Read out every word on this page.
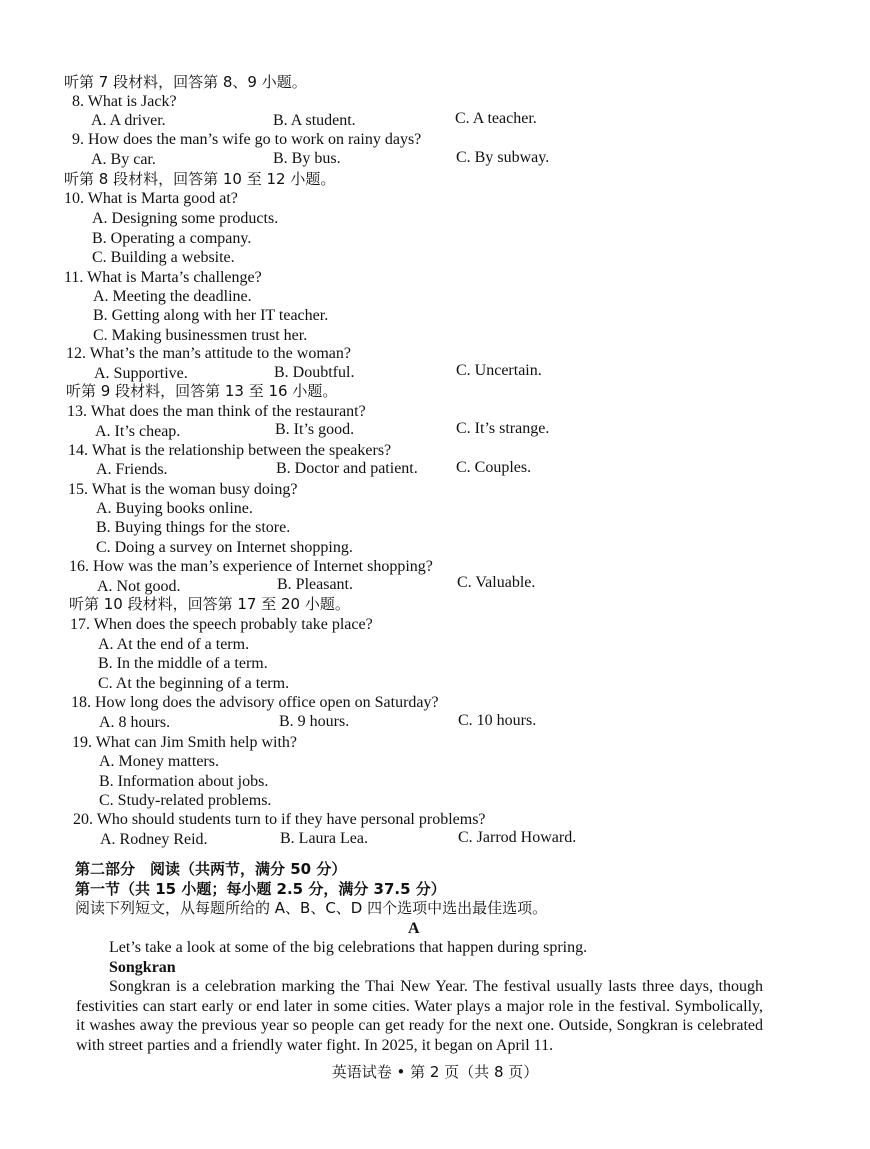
听第 7 段材料，回答第 8、9 小题。
8. What is Jack?
A. A driver.	B. A student.	C. A teacher.
9. How does the man’s wife go to work on rainy days?
A. By car.	B. By bus.	C. By subway.
听第 8 段材料，回答第 10 至 12 小题。
10. What is Marta good at?
A. Designing some products.
B. Operating a company.
C. Building a website.
11. What is Marta’s challenge?
A. Meeting the deadline.
B. Getting along with her IT teacher.
C. Making businessmen trust her.
12. What’s the man’s attitude to the woman?
A. Supportive.	B. Doubtful.	C. Uncertain.
听第 9 段材料，回答第 13 至 16 小题。
13. What does the man think of the restaurant?
A. It’s cheap.	B. It’s good.	C. It’s strange.
14. What is the relationship between the speakers?
A. Friends.	B. Doctor and patient. C. Couples.
15. What is the woman busy doing?
A. Buying books online.
B. Buying things for the store.
C. Doing a survey on Internet shopping.
16. How was the man’s experience of Internet shopping?
A. Not good.	B. Pleasant.	C. Valuable.
听第 10 段材料，回答第 17 至 20 小题。
17. When does the speech probably take place?
A. At the end of a term.
B. In the middle of a term.
C. At the beginning of a term.
18. How long does the advisory office open on Saturday?
A. 8 hours.	B. 9 hours.	C. 10 hours.
19. What can Jim Smith help with?
A. Money matters.
B. Information about jobs.
C. Study-related problems.
20. Who should students turn to if they have personal problems?
A. Rodney Reid.	B. Laura Lea.	C. Jarrod Howard.
第二部分　阅读（共两节，满分 50 分）
第一节（共 15 小题；每小题 2.5 分，满分 37.5 分）
阅读下列短文，从每题所给的 A、B、C、D 四个选项中选出最佳选项。
A
Let’s take a look at some of the big celebrations that happen during spring.
Songkran
Songkran is a celebration marking the Thai New Year. The festival usually lasts three days, though festivities can start early or end later in some cities. Water plays a major role in the festival. Symbolically, it washes away the previous year so people can get ready for the next one. Outside, Songkran is celebrated with street parties and a friendly water fight. In 2025, it began on April 11.
英语试卷 • 第 2 页（共 8 页）
